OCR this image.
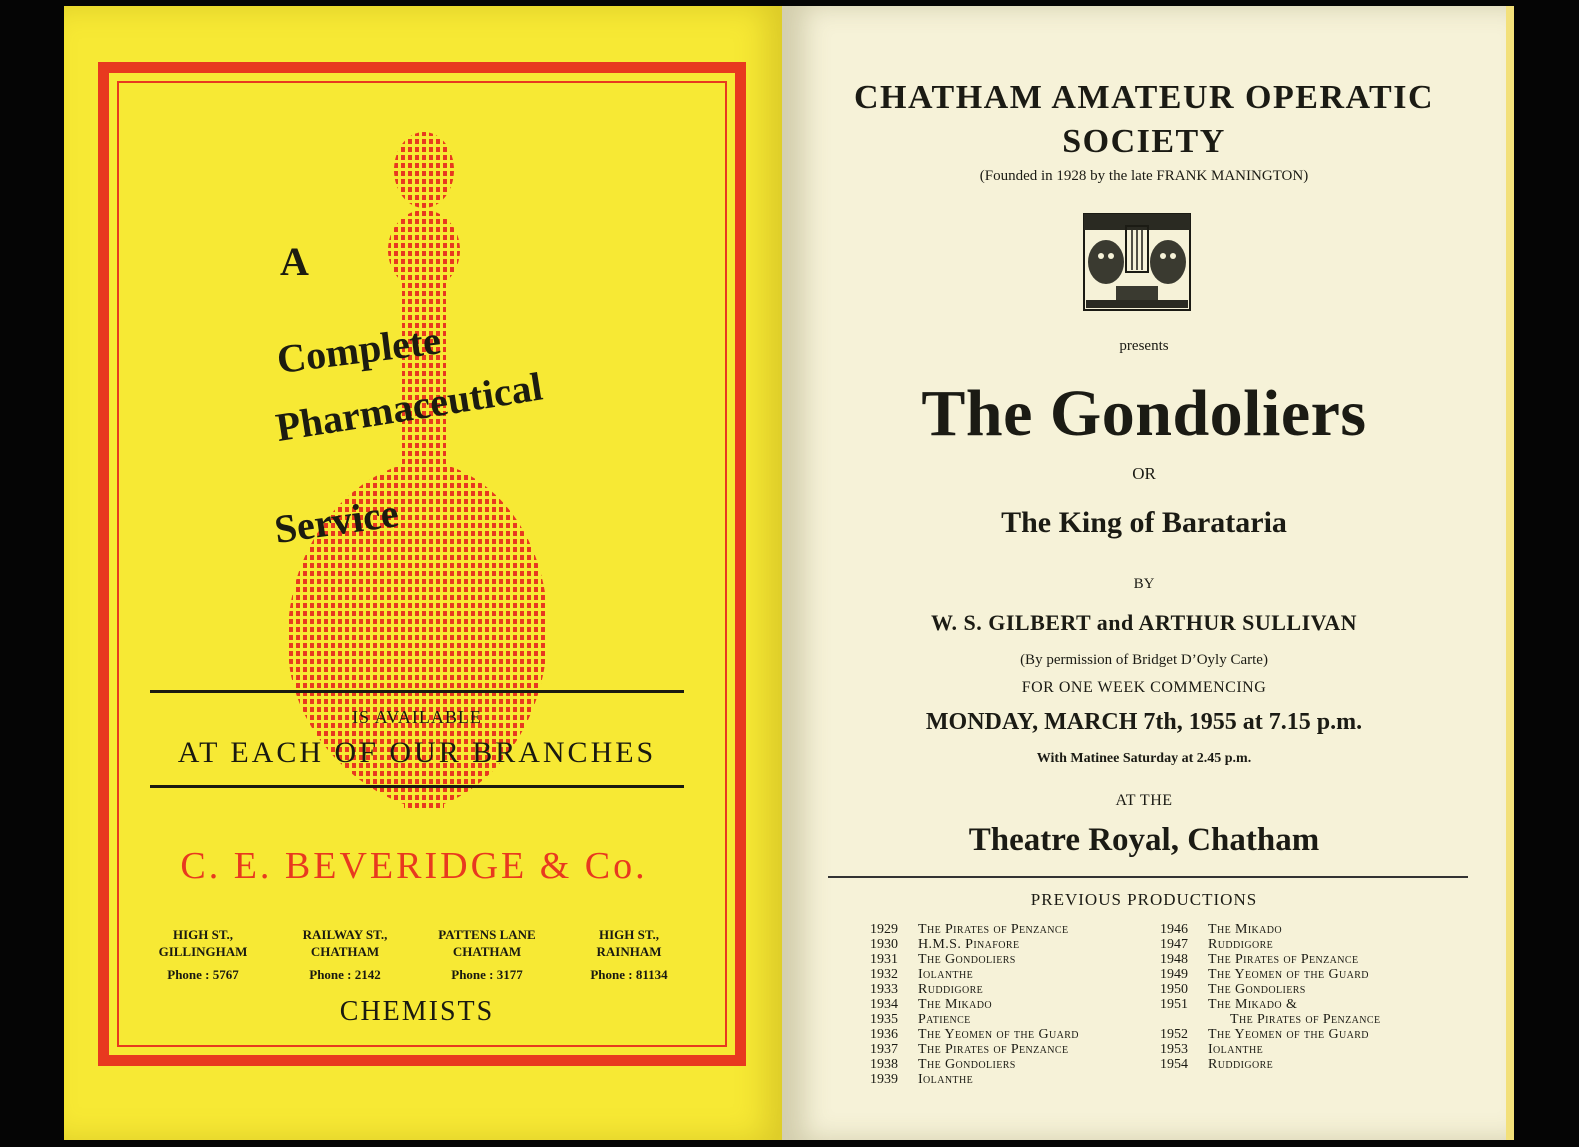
A
Complete
Pharmaceutical
Service
IS AVAILABLE
AT EACH OF OUR BRANCHES
C. E. BEVERIDGE & Co.
HIGH ST.,
GILLINGHAM
Phone : 5767
RAILWAY ST.,
CHATHAM
Phone : 2142
PATTENS LANE
CHATHAM
Phone : 3177
HIGH ST.,
RAINHAM
Phone : 81134
CHEMISTS
CHATHAM AMATEUR OPERATIC
SOCIETY
(Founded in 1928 by the late FRANK MANINGTON)
presents
The Gondoliers
OR
The King of Barataria
BY
W. S. GILBERT and ARTHUR SULLIVAN
(By permission of Bridget D’Oyly Carte)
FOR ONE WEEK COMMENCING
MONDAY, MARCH 7th, 1955 at 7.15 p.m.
With Matinee Saturday at 2.45 p.m.
AT THE
Theatre Royal, Chatham
PREVIOUS PRODUCTIONS
1929	The Pirates of Penzance
1930	H.M.S. Pinafore
1931	The Gondoliers
1932	Iolanthe
1933	Ruddigore
1934	The Mikado
1935	Patience
1936	The Yeomen of the Guard
1937	The Pirates of Penzance
1938	The Gondoliers
1939	Iolanthe
1946	The Mikado
1947	Ruddigore
1948	The Pirates of Penzance
1949	The Yeomen of the Guard
1950	The Gondoliers
1951	The Mikado &
The Pirates of Penzance
1952	The Yeomen of the Guard
1953	Iolanthe
1954	Ruddigore
